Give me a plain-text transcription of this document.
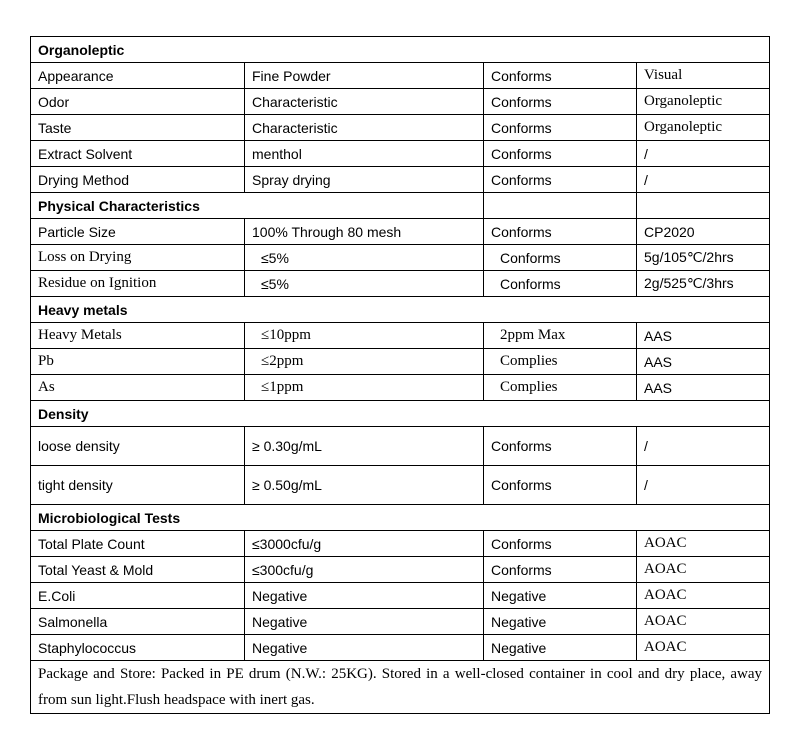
Organoleptic			
Appearance	Fine Powder	Conforms	Visual
Odor	Characteristic	Conforms	Organoleptic
Taste	Characteristic	Conforms	Organoleptic
Extract Solvent	menthol	Conforms	/
Drying Method	Spray drying	Conforms	/
Physical Characteristics			
Particle Size	100% Through 80 mesh	Conforms	CP2020
Loss on Drying	≤5%	Conforms	5g/105℃/2hrs
Residue on Ignition	≤5%	Conforms	2g/525℃/3hrs
Heavy metals			
Heavy Metals	≤10ppm	2ppm Max	AAS
Pb	≤2ppm	Complies	AAS
As	≤1ppm	Complies	AAS
Density			
loose density	≥ 0.30g/mL	Conforms	/
tight density	≥ 0.50g/mL	Conforms	/
Microbiological Tests			
Total Plate Count	≤3000cfu/g	Conforms	AOAC
Total Yeast & Mold	≤300cfu/g	Conforms	AOAC
E.Coli	Negative	Negative	AOAC
Salmonella	Negative	Negative	AOAC
Staphylococcus	Negative	Negative	AOAC
Package and Store: Packed in PE drum (N.W.: 25KG). Stored in a well-closed container in cool and dry place, away from sun light.Flush headspace with inert gas.			
